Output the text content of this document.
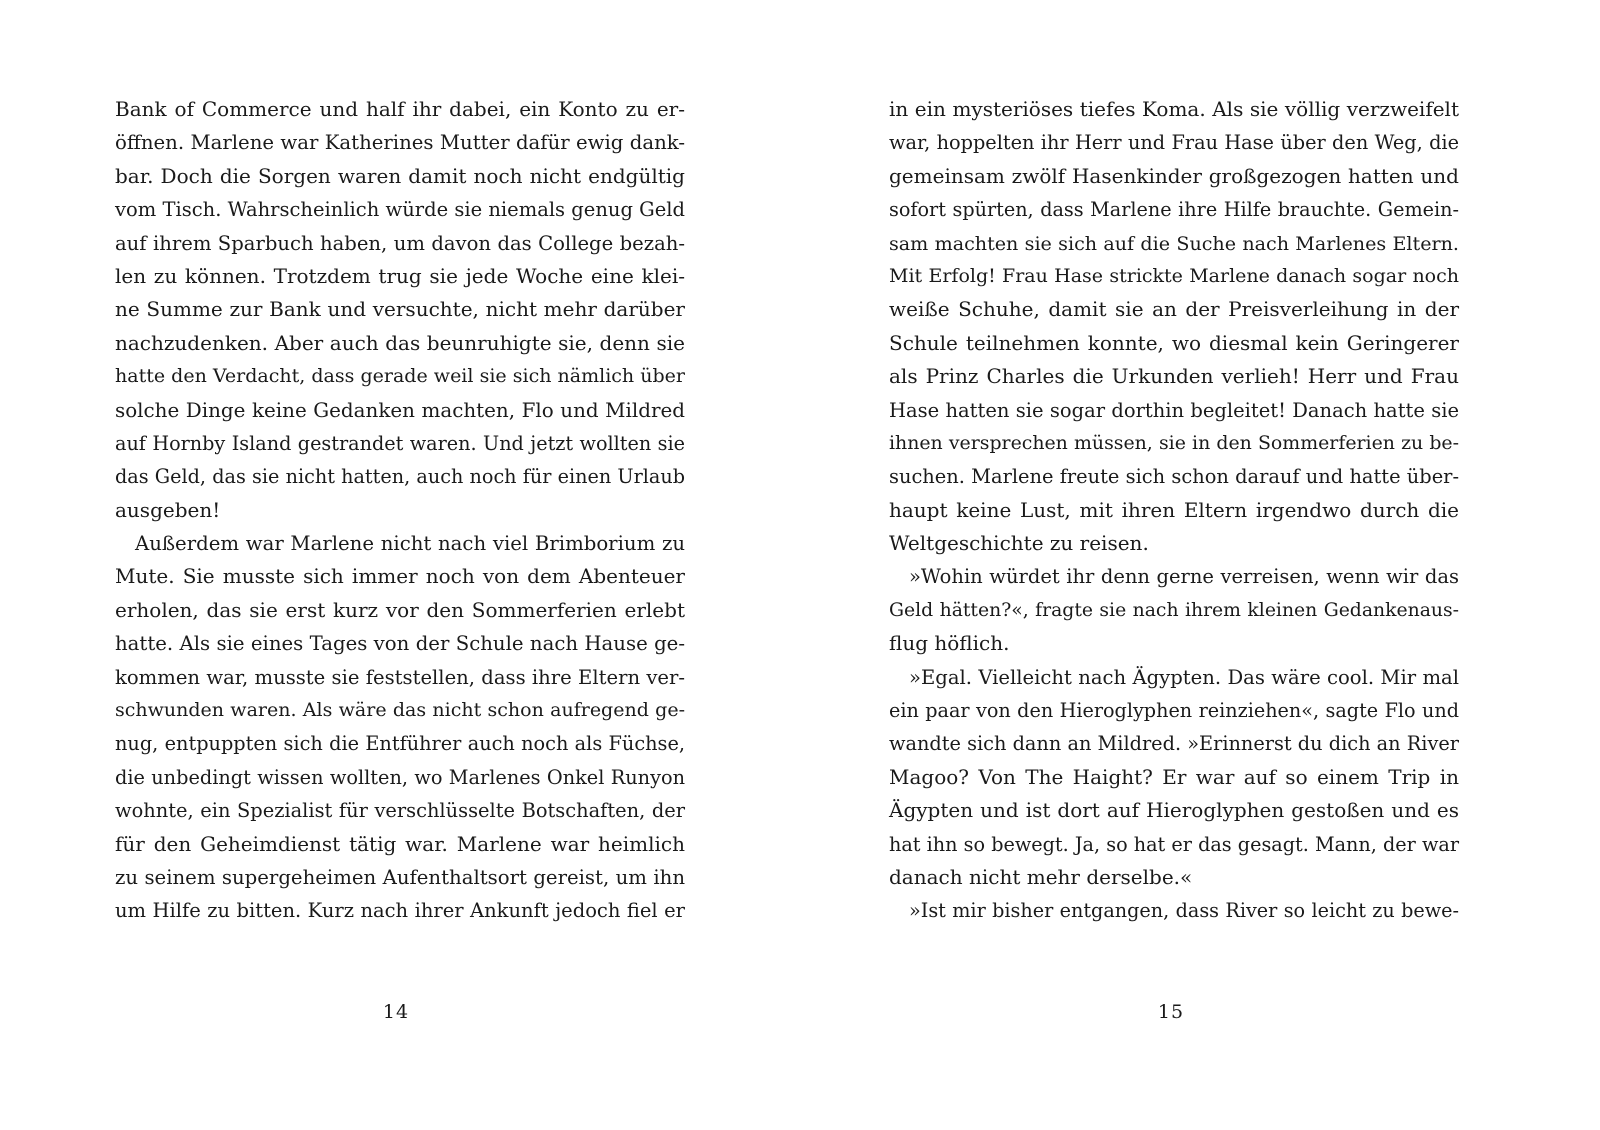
Bank of Commerce und half ihr dabei, ein Konto zu er-
öffnen. Marlene war Katherines Mutter dafür ewig dank-
bar. Doch die Sorgen waren damit noch nicht endgültig
vom Tisch. Wahrscheinlich würde sie niemals genug Geld
auf ihrem Sparbuch haben, um davon das College bezah-
len zu können. Trotzdem trug sie jede Woche eine klei-
ne Summe zur Bank und versuchte, nicht mehr darüber
nachzudenken. Aber auch das beunruhigte sie, denn sie
hatte den Verdacht, dass gerade weil sie sich nämlich über
solche Dinge keine Gedanken machten, Flo und Mildred
auf Hornby Island gestrandet waren. Und jetzt wollten sie
das Geld, das sie nicht hatten, auch noch für einen Urlaub
ausgeben!
Außerdem war Marlene nicht nach viel Brimborium zu
Mute. Sie musste sich immer noch von dem Abenteuer
erholen, das sie erst kurz vor den Sommerferien erlebt
hatte. Als sie eines Tages von der Schule nach Hause ge-
kommen war, musste sie feststellen, dass ihre Eltern ver-
schwunden waren. Als wäre das nicht schon aufregend ge-
nug, entpuppten sich die Entführer auch noch als Füchse,
die unbedingt wissen wollten, wo Marlenes Onkel Runyon
wohnte, ein Spezialist für verschlüsselte Botschaften, der
für den Geheimdienst tätig war. Marlene war heimlich
zu seinem supergeheimen Aufenthaltsort gereist, um ihn
um Hilfe zu bitten. Kurz nach ihrer Ankunft jedoch fiel er
14
in ein mysteriöses tiefes Koma. Als sie völlig verzweifelt
war, hoppelten ihr Herr und Frau Hase über den Weg, die
gemeinsam zwölf Hasenkinder großgezogen hatten und
sofort spürten, dass Marlene ihre Hilfe brauchte. Gemein-
sam machten sie sich auf die Suche nach Marlenes Eltern.
Mit Erfolg! Frau Hase strickte Marlene danach sogar noch
weiße Schuhe, damit sie an der Preisverleihung in der
Schule teilnehmen konnte, wo diesmal kein Geringerer
als Prinz Charles die Urkunden verlieh! Herr und Frau
Hase hatten sie sogar dorthin begleitet! Danach hatte sie
ihnen versprechen müssen, sie in den Sommerferien zu be-
suchen. Marlene freute sich schon darauf und hatte über-
haupt keine Lust, mit ihren Eltern irgendwo durch die
Weltgeschichte zu reisen.
»Wohin würdet ihr denn gerne verreisen, wenn wir das
Geld hätten?«, fragte sie nach ihrem kleinen Gedankenaus-
flug höflich.
»Egal. Vielleicht nach Ägypten. Das wäre cool. Mir mal
ein paar von den Hieroglyphen reinziehen«, sagte Flo und
wandte sich dann an Mildred. »Erinnerst du dich an River
Magoo? Von The Haight? Er war auf so einem Trip in
Ägypten und ist dort auf Hieroglyphen gestoßen und es
hat ihn so bewegt. Ja, so hat er das gesagt. Mann, der war
danach nicht mehr derselbe.«
»Ist mir bisher entgangen, dass River so leicht zu bewe-
15
